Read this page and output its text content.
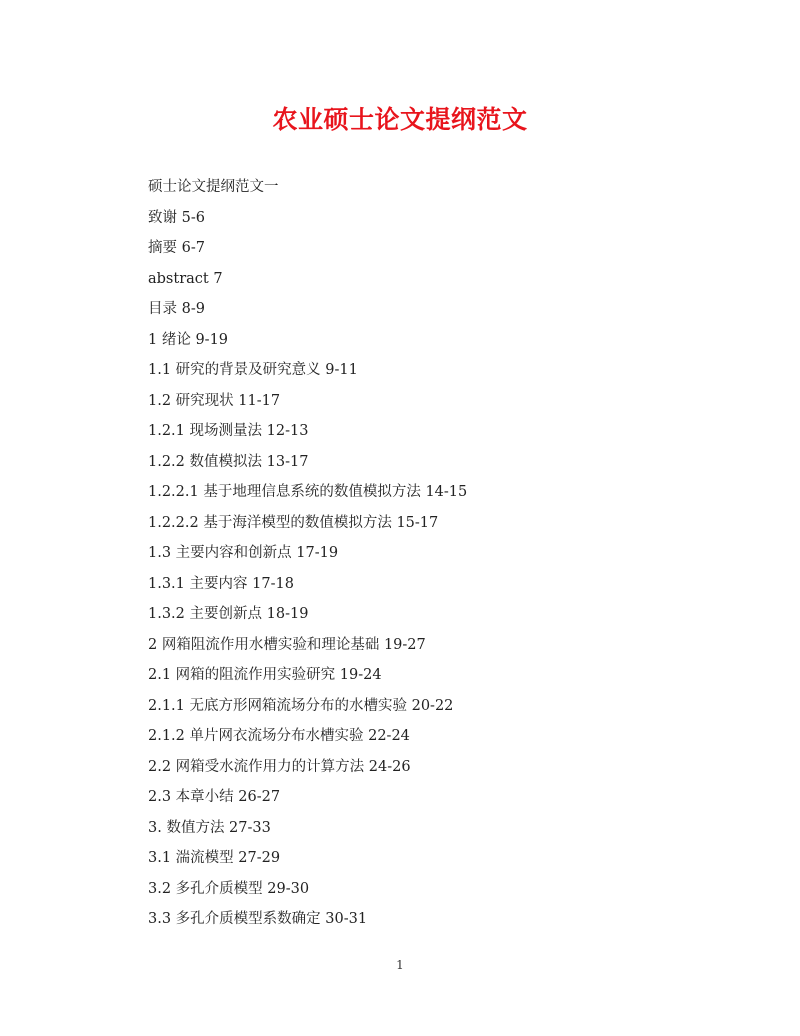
农业硕士论文提纲范文
硕士论文提纲范文一
致谢 5-6
摘要 6-7
abstract 7
目录 8-9
1 绪论 9-19
1.1 研究的背景及研究意义 9-11
1.2 研究现状 11-17
1.2.1 现场测量法 12-13
1.2.2 数值模拟法 13-17
1.2.2.1 基于地理信息系统的数值模拟方法 14-15
1.2.2.2 基于海洋模型的数值模拟方法 15-17
1.3 主要内容和创新点 17-19
1.3.1 主要内容 17-18
1.3.2 主要创新点 18-19
2 网箱阻流作用水槽实验和理论基础 19-27
2.1 网箱的阻流作用实验研究 19-24
2.1.1 无底方形网箱流场分布的水槽实验 20-22
2.1.2 单片网衣流场分布水槽实验 22-24
2.2 网箱受水流作用力的计算方法 24-26
2.3 本章小结 26-27
3. 数值方法 27-33
3.1 湍流模型 27-29
3.2 多孔介质模型 29-30
3.3 多孔介质模型系数确定 30-31
1
